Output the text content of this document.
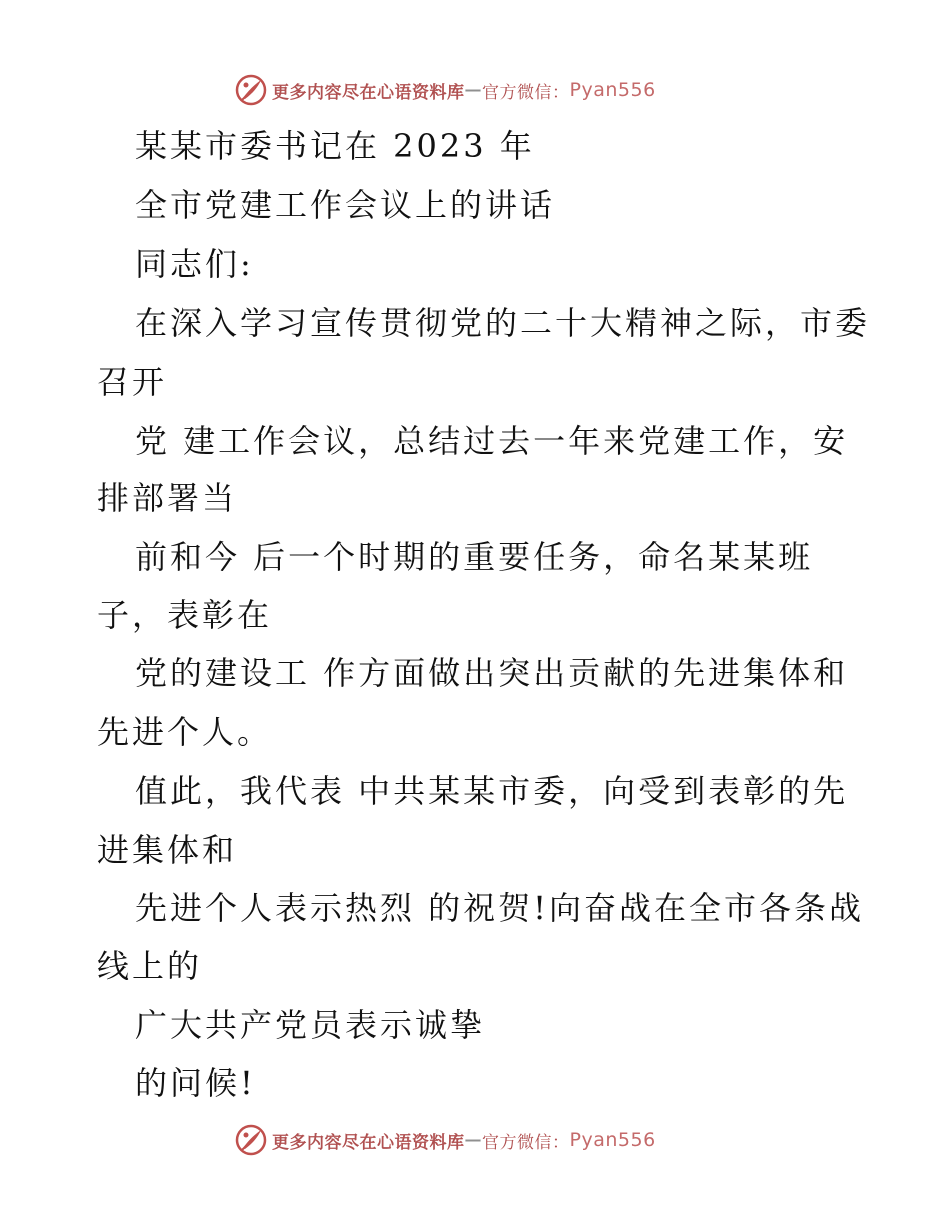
更多内容尽在心语资料库 — 官方微信： Pyan556
某某市委书记在 2023 年
全市党建工作会议上的讲话
同志们:
在深入学习宣传贯彻党的二十大精神之际，市委
召开
党 建工作会议，总结过去一年来党建工作，安
排部署当
前和今 后一个时期的重要任务，命名某某班
子，表彰在
党的建设工 作方面做出突出贡献的先进集体和
先进个人。
值此，我代表 中共某某市委，向受到表彰的先
进集体和
先进个人表示热烈 的祝贺!向奋战在全市各条战
线上的
广大共产党员表示诚挚
的问候!
更多内容尽在心语资料库 — 官方微信： Pyan556
